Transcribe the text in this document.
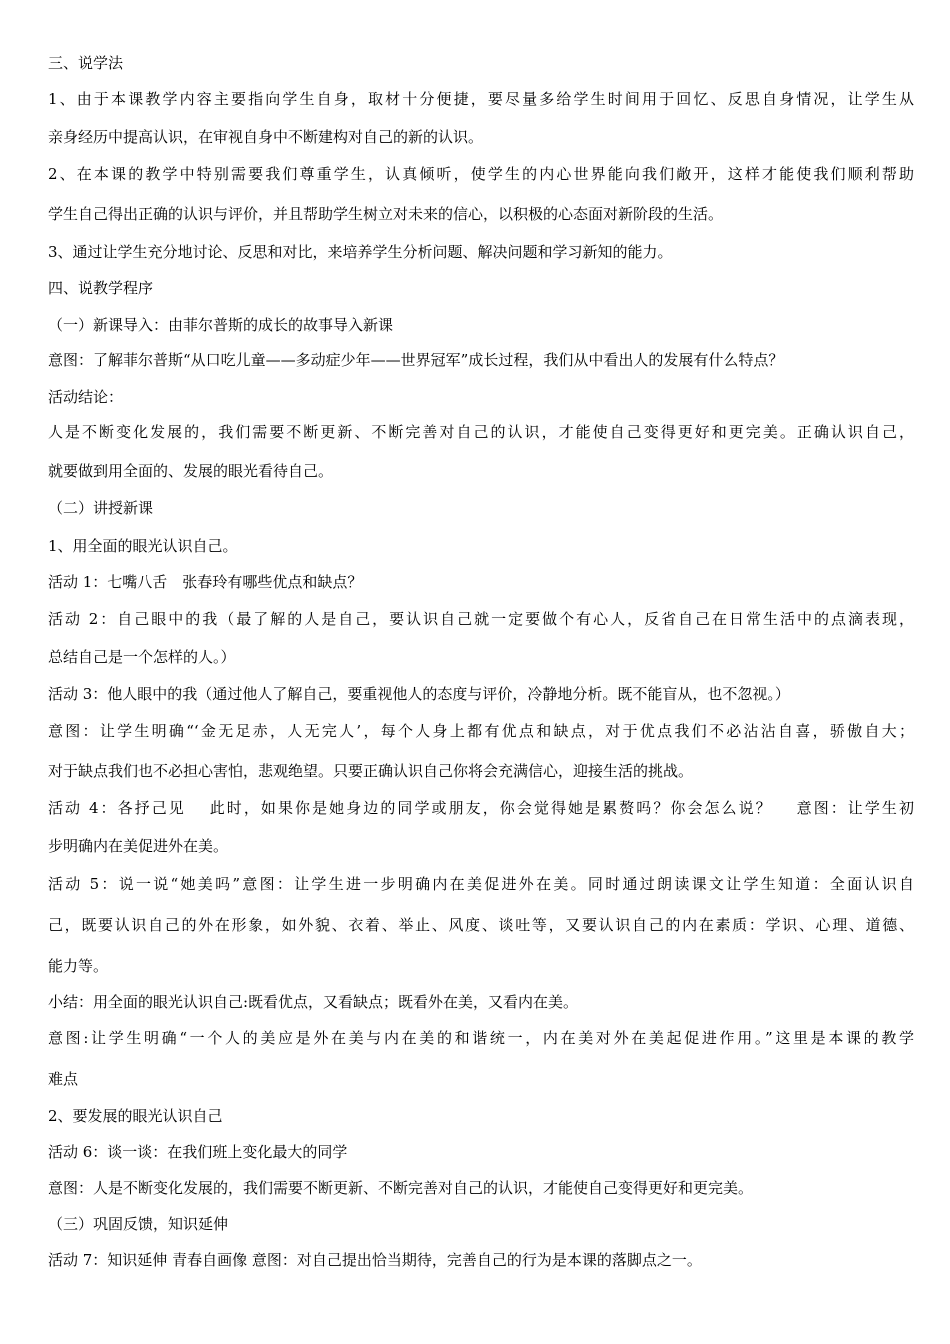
三、说学法
1、由于本课教学内容主要指向学生自身，取材十分便捷，要尽量多给学生时间用于回忆、反思自身情况，让学生从
亲身经历中提高认识，在审视自身中不断建构对自己的新的认识。
2、在本课的教学中特别需要我们尊重学生，认真倾听，使学生的内心世界能向我们敞开，这样才能使我们顺利帮助
学生自己得出正确的认识与评价，并且帮助学生树立对未来的信心，以积极的心态面对新阶段的生活。
3、通过让学生充分地讨论、反思和对比，来培养学生分析问题、解决问题和学习新知的能力。
四、说教学程序
（一）新课导入：由菲尔普斯的成长的故事导入新课
意图：了解菲尔普斯“从口吃儿童——多动症少年——世界冠军”成长过程，我们从中看出人的发展有什么特点？
活动结论：
人是不断变化发展的，我们需要不断更新、不断完善对自己的认识，才能使自己变得更好和更完美。正确认识自己，
就要做到用全面的、发展的眼光看待自己。
（二）讲授新课
1、用全面的眼光认识自己。
活动 1：七嘴八舌　张春玲有哪些优点和缺点？
活动 2：自己眼中的我（最了解的人是自己，要认识自己就一定要做个有心人，反省自己在日常生活中的点滴表现，
总结自己是一个怎样的人。）
活动 3：他人眼中的我（通过他人了解自己，要重视他人的态度与评价，冷静地分析。既不能盲从，也不忽视。）
意图：让学生明确“‘金无足赤，人无完人’，每个人身上都有优点和缺点，对于优点我们不必沾沾自喜，骄傲自大；
对于缺点我们也不必担心害怕，悲观绝望。只要正确认识自己你将会充满信心，迎接生活的挑战。
活动 4：各抒己见　 此时，如果你是她身边的同学或朋友，你会觉得她是累赘吗？你会怎么说？　 意图：让学生初
步明确内在美促进外在美。
活动 5：说一说“她美吗”意图：让学生进一步明确内在美促进外在美。同时通过朗读课文让学生知道：全面认识自
己，既要认识自己的外在形象，如外貌、衣着、举止、风度、谈吐等，又要认识自己的内在素质：学识、心理、道德、
能力等。
小结：用全面的眼光认识自己:既看优点，又看缺点；既看外在美，又看内在美。
意图:让学生明确“一个人的美应是外在美与内在美的和谐统一，内在美对外在美起促进作用。”这里是本课的教学
难点
2、要发展的眼光认识自己
活动 6：谈一谈：在我们班上变化最大的同学
意图：人是不断变化发展的，我们需要不断更新、不断完善对自己的认识，才能使自己变得更好和更完美。
（三）巩固反馈，知识延伸
活动 7：知识延伸 青春自画像 意图：对自己提出恰当期待，完善自己的行为是本课的落脚点之一。
